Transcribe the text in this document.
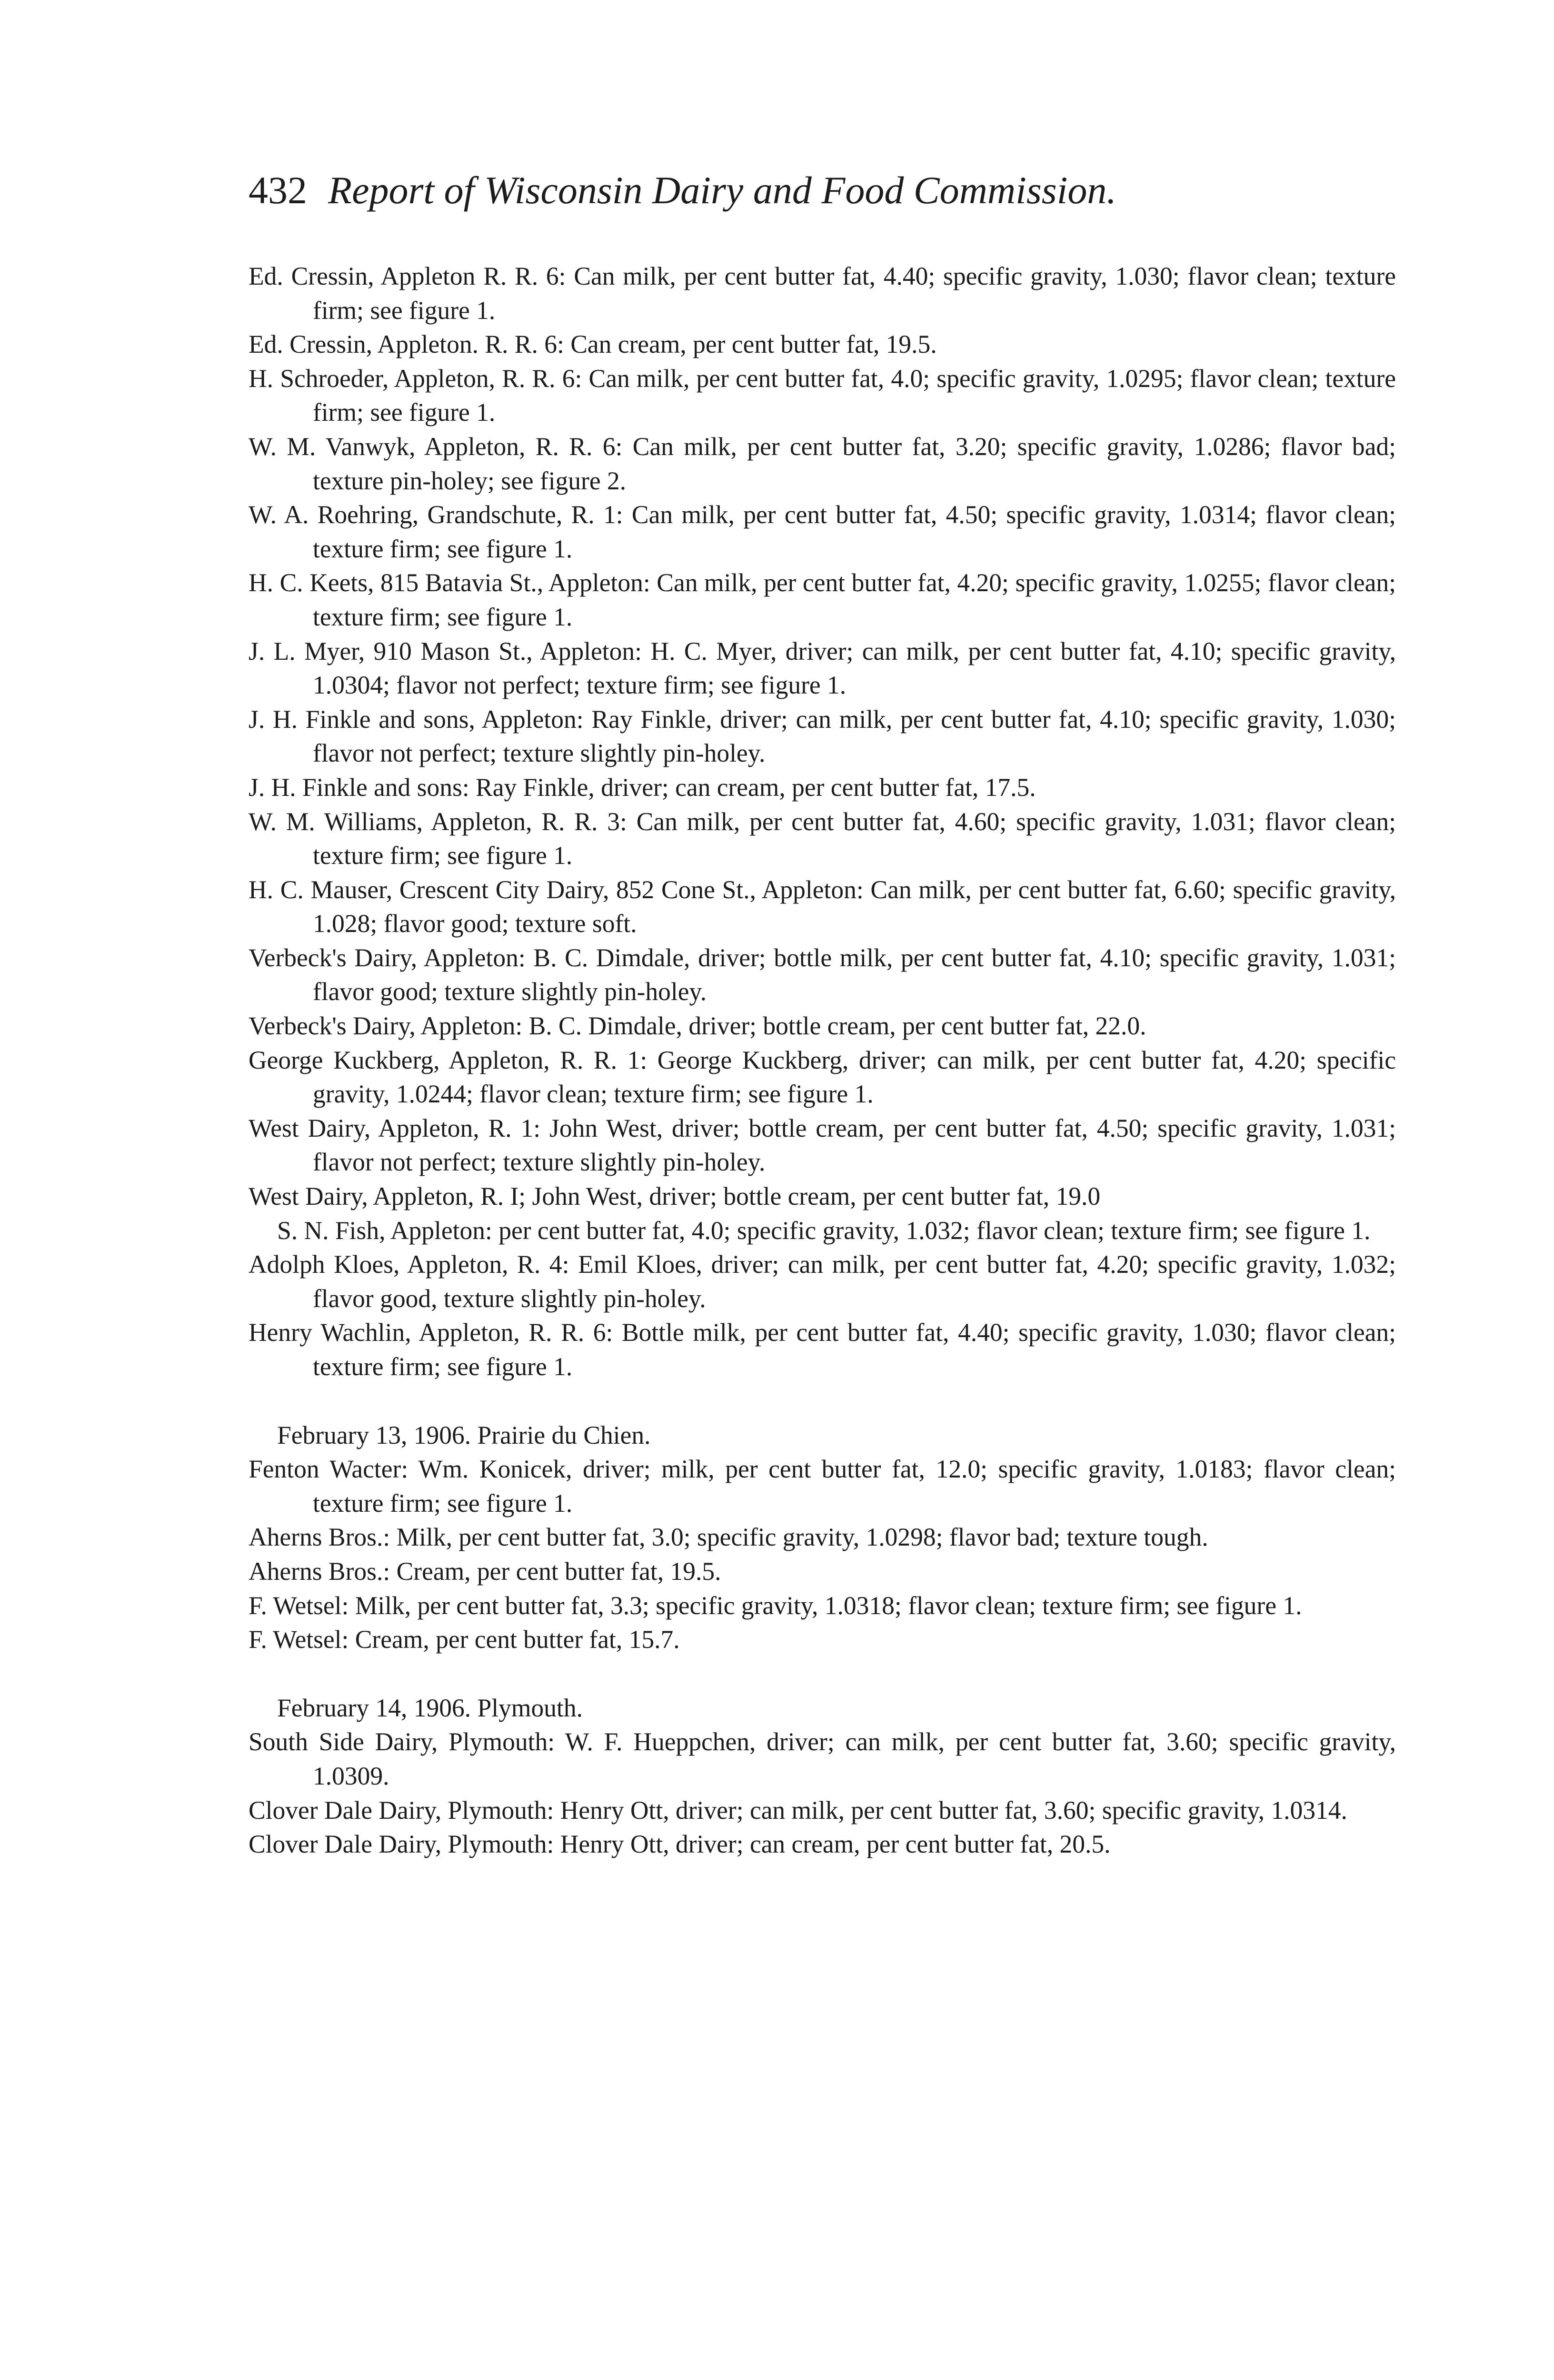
432 Report of Wisconsin Dairy and Food Commission.

Ed. Cressin, Appleton R. R. 6: Can milk, per cent butter fat, 4.40; specific gravity, 1.030; flavor clean; texture firm; see figure 1.

Ed. Cressin, Appleton. R. R. 6: Can cream, per cent butter fat, 19.5.

H. Schroeder, Appleton, R. R. 6: Can milk, per cent butter fat, 4.0; specific gravity, 1.0295; flavor clean; texture firm; see figure 1.

W. M. Vanwyk, Appleton, R. R. 6: Can milk, per cent butter fat, 3.20; specific gravity, 1.0286; flavor bad; texture pin-holey; see figure 2.

W. A. Roehring, Grandschute, R. 1: Can milk, per cent butter fat, 4.50; specific gravity, 1.0314; flavor clean; texture firm; see figure 1.

H. C. Keets, 815 Batavia St., Appleton: Can milk, per cent butter fat, 4.20; specific gravity, 1.0255; flavor clean; texture firm; see figure 1.

J. L. Myer, 910 Mason St., Appleton: H. C. Myer, driver; can milk, per cent butter fat, 4.10; specific gravity, 1.0304; flavor not perfect; texture firm; see figure 1.

J. H. Finkle and sons, Appleton: Ray Finkle, driver; can milk, per cent butter fat, 4.10; specific gravity, 1.030; flavor not perfect; texture slightly pin-holey.

J. H. Finkle and sons: Ray Finkle, driver; can cream, per cent butter fat, 17.5.

W. M. Williams, Appleton, R. R. 3: Can milk, per cent butter fat, 4.60; specific gravity, 1.031; flavor clean; texture firm; see figure 1.

H. C. Mauser, Crescent City Dairy, 852 Cone St., Appleton: Can milk, per cent butter fat, 6.60; specific gravity, 1.028; flavor good; texture soft.

Verbeck's Dairy, Appleton: B. C. Dimdale, driver; bottle milk, per cent butter fat, 4.10; specific gravity, 1.031; flavor good; texture slightly pin-holey.

Verbeck's Dairy, Appleton: B. C. Dimdale, driver; bottle cream, per cent butter fat, 22.0.

George Kuckberg, Appleton, R. R. 1: George Kuckberg, driver; can milk, per cent butter fat, 4.20; specific gravity, 1.0244; flavor clean; texture firm; see figure 1.

West Dairy, Appleton, R. 1: John West, driver; bottle cream, per cent butter fat, 4.50; specific gravity, 1.031; flavor not perfect; texture slightly pin-holey.

West Dairy, Appleton, R. I; John West, driver; bottle cream, per cent butter fat, 19.0

S. N. Fish, Appleton: per cent butter fat, 4.0; specific gravity, 1.032; flavor clean; texture firm; see figure 1.

Adolph Kloes, Appleton, R. 4: Emil Kloes, driver; can milk, per cent butter fat, 4.20; specific gravity, 1.032; flavor good, texture slightly pin-holey.

Henry Wachlin, Appleton, R. R. 6: Bottle milk, per cent butter fat, 4.40; specific gravity, 1.030; flavor clean; texture firm; see figure 1.

February 13, 1906. Prairie du Chien.

Fenton Wacter: Wm. Konicek, driver; milk, per cent butter fat, 12.0; specific gravity, 1.0183; flavor clean; texture firm; see figure 1.

Aherns Bros.: Milk, per cent butter fat, 3.0; specific gravity, 1.0298; flavor bad; texture tough.

Aherns Bros.: Cream, per cent butter fat, 19.5.

F. Wetsel: Milk, per cent butter fat, 3.3; specific gravity, 1.0318; flavor clean; texture firm; see figure 1.

F. Wetsel: Cream, per cent butter fat, 15.7.

February 14, 1906. Plymouth.

South Side Dairy, Plymouth: W. F. Hueppchen, driver; can milk, per cent butter fat, 3.60; specific gravity, 1.0309.

Clover Dale Dairy, Plymouth: Henry Ott, driver; can milk, per cent butter fat, 3.60; specific gravity, 1.0314.

Clover Dale Dairy, Plymouth: Henry Ott, driver; can cream, per cent butter fat, 20.5.
